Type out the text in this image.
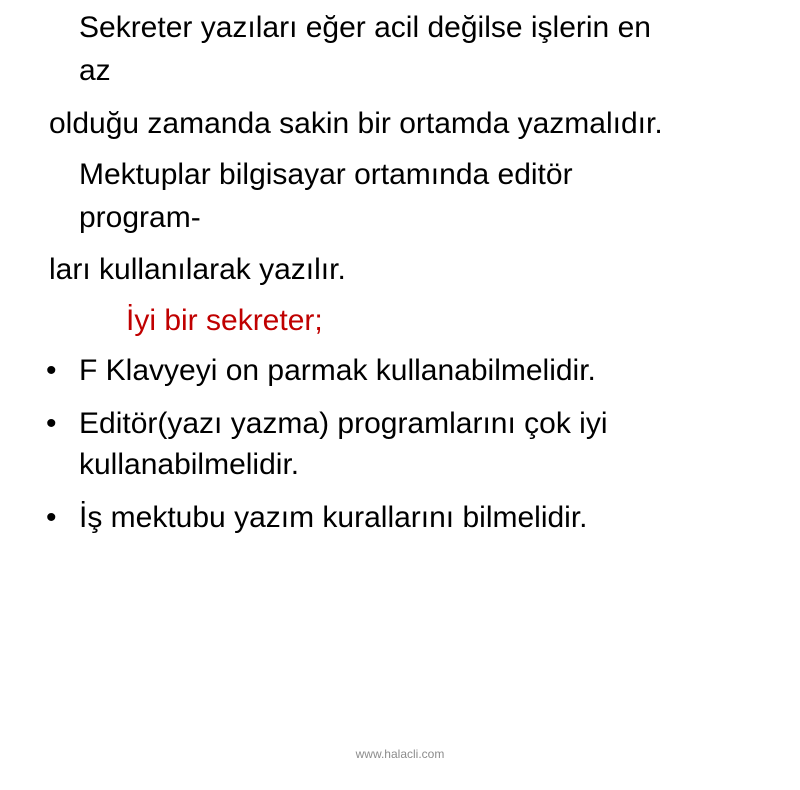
Sekreter yazıları eğer acil değilse işlerin en
az
olduğu zamanda sakin bir ortamda yazmalıdır.
Mektuplar bilgisayar ortamında editör
program-
ları kullanılarak yazılır.
İyi bir sekreter;
• F Klavyeyi on parmak kullanabilmelidir.
• Editör(yazı yazma) programlarını çok iyi
kullanabilmelidir.
• İş mektubu yazım kurallarını bilmelidir.
www.halacli.com
